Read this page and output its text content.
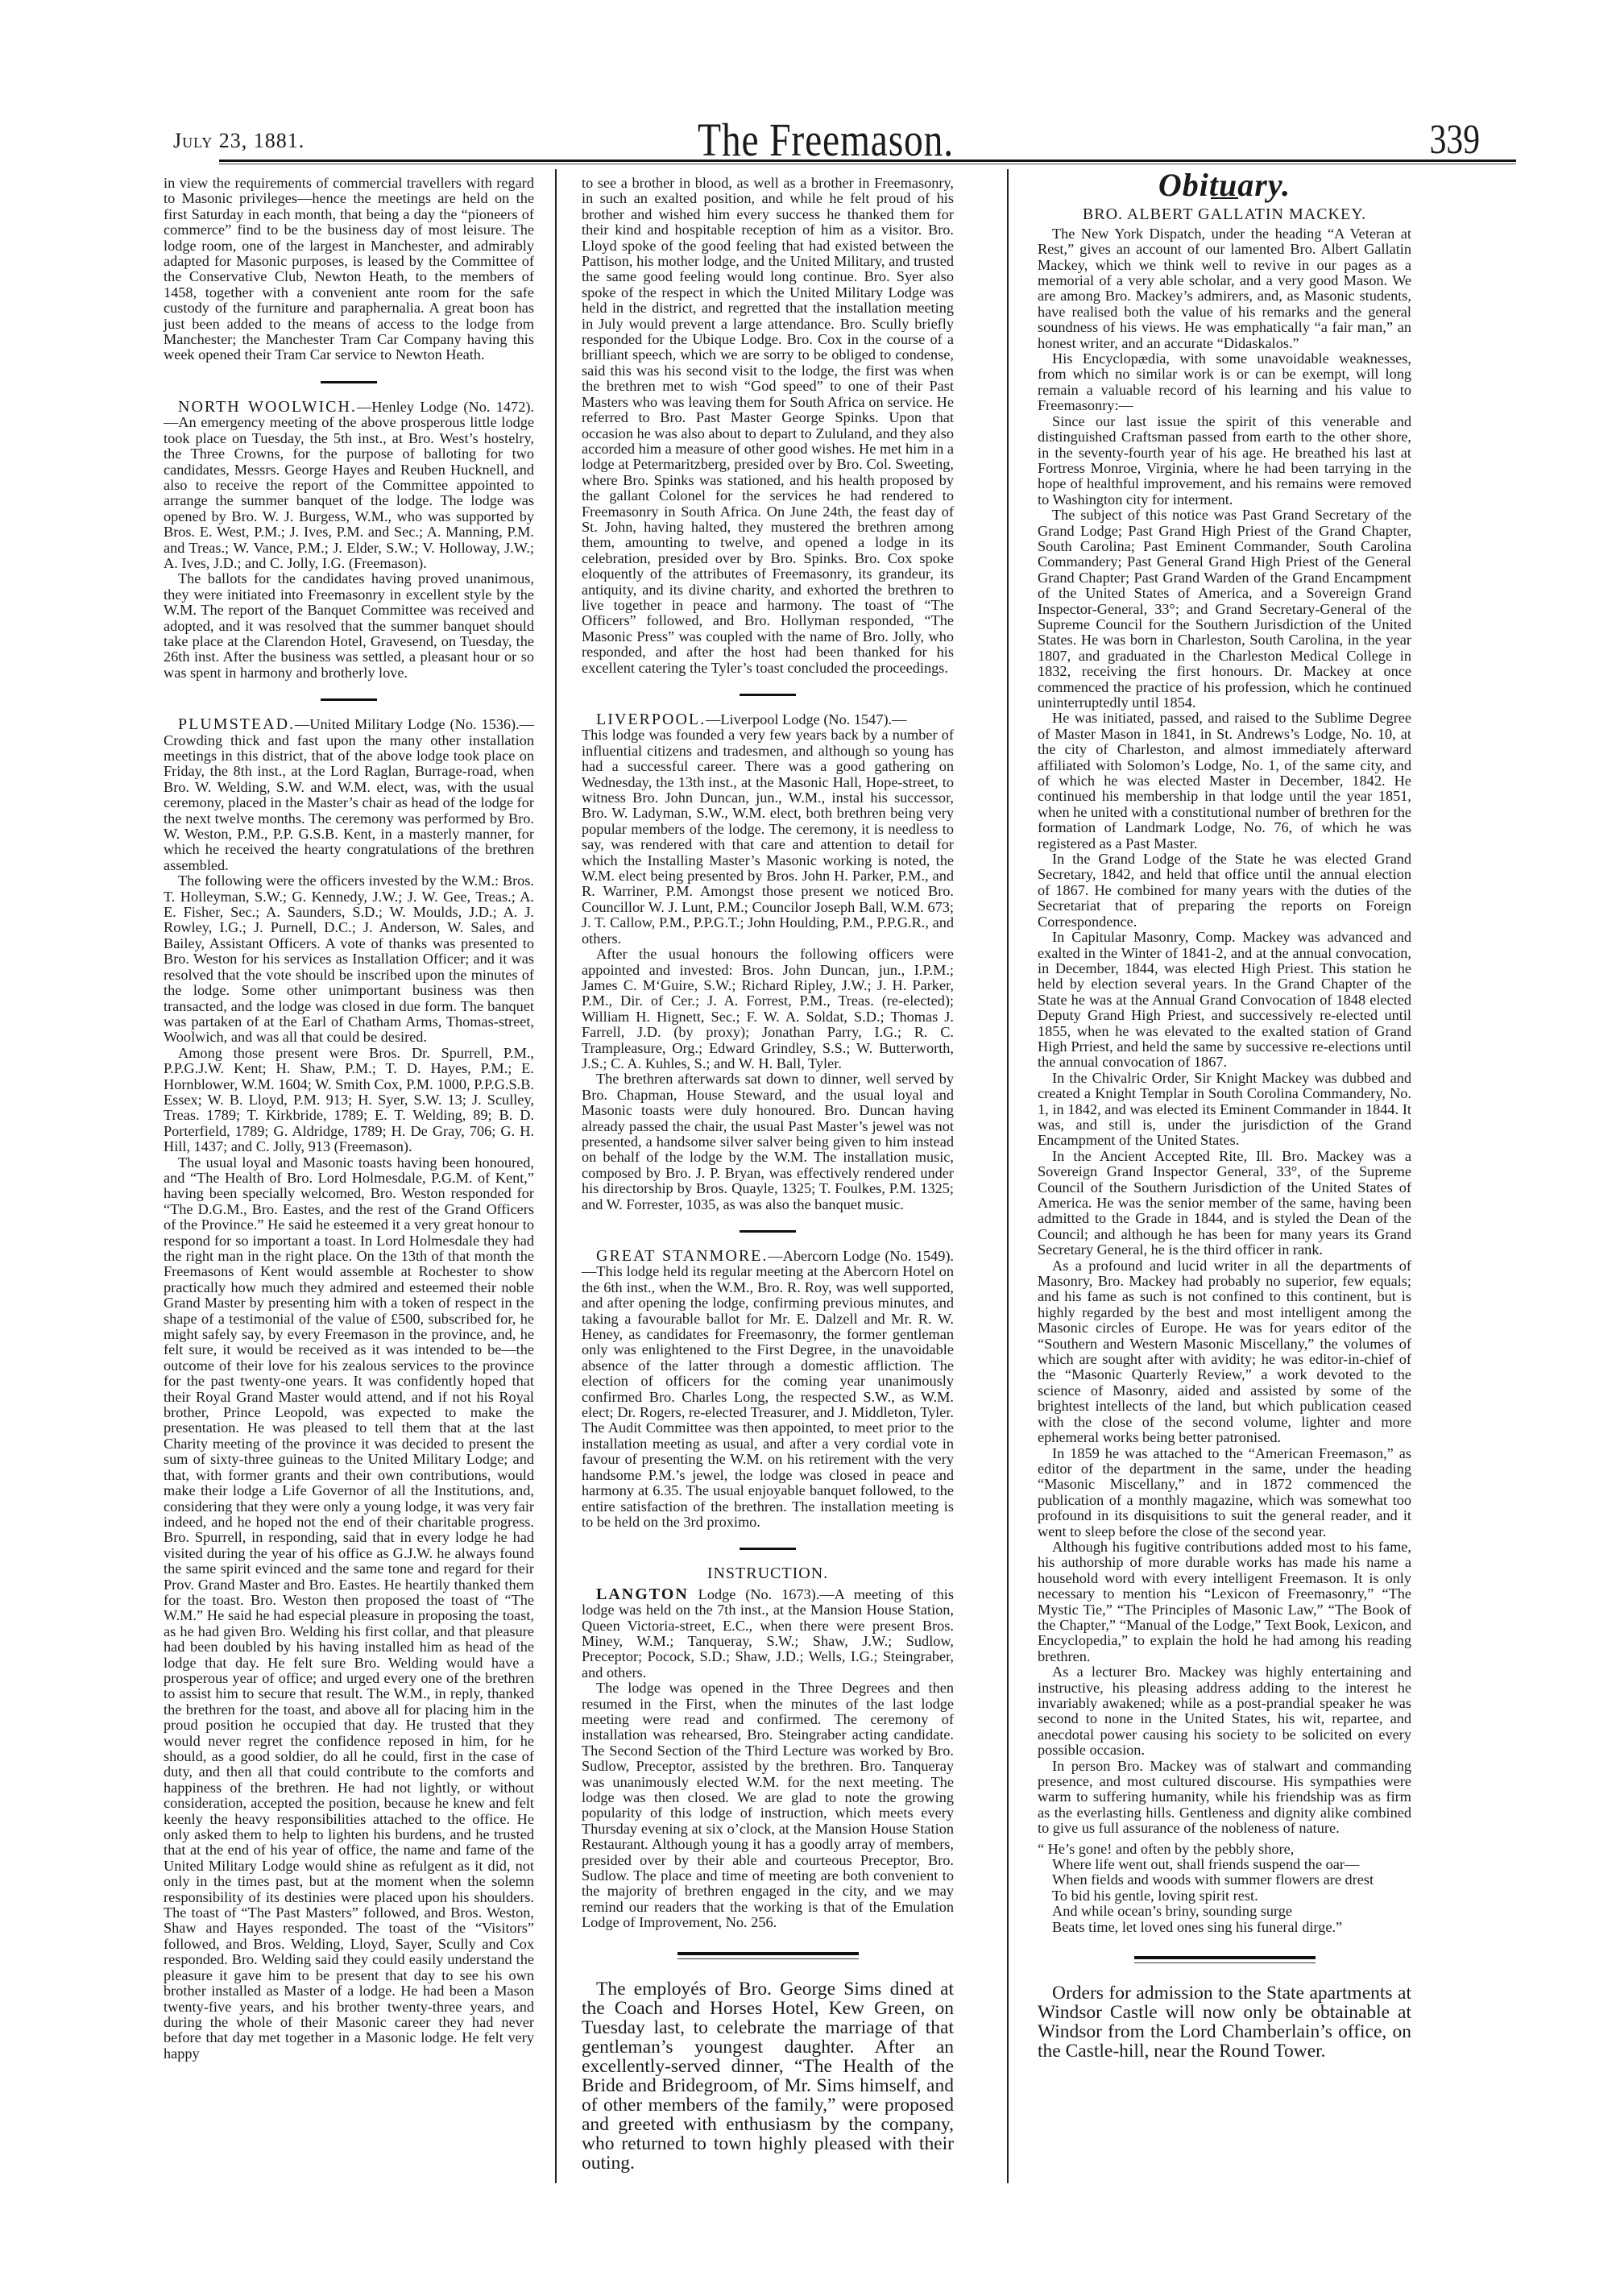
July 23, 1881.	The Freemason.	339

in view the requirements of commercial travellers with regard to Masonic privileges—hence the meetings are held on the first Saturday in each month, that being a day the “pioneers of commerce” find to be the business day of most leisure. The lodge room, one of the largest in Manchester, and admirably adapted for Masonic purposes, is leased by the Committee of the Conservative Club, Newton Heath, to the members of 1458, together with a convenient ante room for the safe custody of the furniture and paraphernalia. A great boon has just been added to the means of access to the lodge from Manchester; the Manchester Tram Car Company having this week opened their Tram Car service to Newton Heath.

NORTH WOOLWICH.—Henley Lodge (No. 1472).—An emergency meeting of the above prosperous little lodge took place on Tuesday, the 5th inst., at Bro. West’s hostelry, the Three Crowns, for the purpose of balloting for two candidates, Messrs. George Hayes and Reuben Hucknell, and also to receive the report of the Committee appointed to arrange the summer banquet of the lodge. The lodge was opened by Bro. W. J. Burgess, W.M., who was supported by Bros. E. West, P.M.; J. Ives, P.M. and Sec.; A. Manning, P.M. and Treas.; W. Vance, P.M.; J. Elder, S.W.; V. Holloway, J.W.; A. Ives, J.D.; and C. Jolly, I.G. (Freemason).

The ballots for the candidates having proved unanimous, they were initiated into Freemasonry in excellent style by the W.M. The report of the Banquet Committee was received and adopted, and it was resolved that the summer banquet should take place at the Clarendon Hotel, Gravesend, on Tuesday, the 26th inst. After the business was settled, a pleasant hour or so was spent in harmony and brotherly love.

PLUMSTEAD.—United Military Lodge (No. 1536).—Crowding thick and fast upon the many other installation meetings in this district, that of the above lodge took place on Friday, the 8th inst., at the Lord Raglan, Burrage-road, when Bro. W. Welding, S.W. and W.M. elect, was, with the usual ceremony, placed in the Master’s chair as head of the lodge for the next twelve months. The ceremony was performed by Bro. W. Weston, P.M., P.P. G.S.B. Kent, in a masterly manner, for which he received the hearty congratulations of the brethren assembled.

The following were the officers invested by the W.M.: Bros. T. Holleyman, S.W.; G. Kennedy, J.W.; J. W. Gee, Treas.; A. E. Fisher, Sec.; A. Saunders, S.D.; W. Moulds, J.D.; A. J. Rowley, I.G.; J. Purnell, D.C.; J. Anderson, W. Sales, and Bailey, Assistant Officers. A vote of thanks was presented to Bro. Weston for his services as Installation Officer; and it was resolved that the vote should be inscribed upon the minutes of the lodge. Some other unimportant business was then transacted, and the lodge was closed in due form. The banquet was partaken of at the Earl of Chatham Arms, Thomas-street, Woolwich, and was all that could be desired.

Among those present were Bros. Dr. Spurrell, P.M., P.P.G.J.W. Kent; H. Shaw, P.M.; T. D. Hayes, P.M.; E. Hornblower, W.M. 1604; W. Smith Cox, P.M. 1000, P.P.G.S.B. Essex; W. B. Lloyd, P.M. 913; H. Syer, S.W. 13; J. Sculley, Treas. 1789; T. Kirkbride, 1789; E. T. Welding, 89; B. D. Porterfield, 1789; G. Aldridge, 1789; H. De Gray, 706; G. H. Hill, 1437; and C. Jolly, 913 (Freemason).

The usual loyal and Masonic toasts having been honoured, and “The Health of Bro. Lord Holmesdale, P.G.M. of Kent,” having been specially welcomed, Bro. Weston responded for “The D.G.M., Bro. Eastes, and the rest of the Grand Officers of the Province.” He said he esteemed it a very great honour to respond for so important a toast. In Lord Holmesdale they had the right man in the right place. On the 13th of that month the Freemasons of Kent would assemble at Rochester to show practically how much they admired and esteemed their noble Grand Master by presenting him with a token of respect in the shape of a testimonial of the value of £500, subscribed for, he might safely say, by every Freemason in the province, and, he felt sure, it would be received as it was intended to be—the outcome of their love for his zealous services to the province for the past twenty-one years. It was confidently hoped that their Royal Grand Master would attend, and if not his Royal brother, Prince Leopold, was expected to make the presentation. He was pleased to tell them that at the last Charity meeting of the province it was decided to present the sum of sixty-three guineas to the United Military Lodge; and that, with former grants and their own contributions, would make their lodge a Life Governor of all the Institutions, and, considering that they were only a young lodge, it was very fair indeed, and he hoped not the end of their charitable progress. Bro. Spurrell, in responding, said that in every lodge he had visited during the year of his office as G.J.W. he always found the same spirit evinced and the same tone and regard for their Prov. Grand Master and Bro. Eastes. He heartily thanked them for the toast. Bro. Weston then proposed the toast of “The W.M.” He said he had especial pleasure in proposing the toast, as he had given Bro. Welding his first collar, and that pleasure had been doubled by his having installed him as head of the lodge that day. He felt sure Bro. Welding would have a prosperous year of office; and urged every one of the brethren to assist him to secure that result. The W.M., in reply, thanked the brethren for the toast, and above all for placing him in the proud position he occupied that day. He trusted that they would never regret the confidence reposed in him, for he should, as a good soldier, do all he could, first in the case of duty, and then all that could contribute to the comforts and happiness of the brethren. He had not lightly, or without consideration, accepted the position, because he knew and felt keenly the heavy responsibilities attached to the office. He only asked them to help to lighten his burdens, and he trusted that at the end of his year of office, the name and fame of the United Military Lodge would shine as refulgent as it did, not only in the times past, but at the moment when the solemn responsibility of its destinies were placed upon his shoulders. The toast of “The Past Masters” followed, and Bros. Weston, Shaw and Hayes responded. The toast of the “Visitors” followed, and Bros. Welding, Lloyd, Sayer, Scully and Cox responded. Bro. Welding said they could easily understand the pleasure it gave him to be present that day to see his own brother installed as Master of a lodge. He had been a Mason twenty-five years, and his brother twenty-three years, and during the whole of their Masonic career they had never before that day met together in a Masonic lodge. He felt very happy

to see a brother in blood, as well as a brother in Freemasonry, in such an exalted position, and while he felt proud of his brother and wished him every success he thanked them for their kind and hospitable reception of him as a visitor. Bro. Lloyd spoke of the good feeling that had existed between the Pattison, his mother lodge, and the United Military, and trusted the same good feeling would long continue. Bro. Syer also spoke of the respect in which the United Military Lodge was held in the district, and regretted that the installation meeting in July would prevent a large attendance. Bro. Scully briefly responded for the Ubique Lodge. Bro. Cox in the course of a brilliant speech, which we are sorry to be obliged to condense, said this was his second visit to the lodge, the first was when the brethren met to wish “God speed” to one of their Past Masters who was leaving them for South Africa on service. He referred to Bro. Past Master George Spinks. Upon that occasion he was also about to depart to Zululand, and they also accorded him a measure of other good wishes. He met him in a lodge at Petermaritzberg, presided over by Bro. Col. Sweeting, where Bro. Spinks was stationed, and his health proposed by the gallant Colonel for the services he had rendered to Freemasonry in South Africa. On June 24th, the feast day of St. John, having halted, they mustered the brethren among them, amounting to twelve, and opened a lodge in its celebration, presided over by Bro. Spinks. Bro. Cox spoke eloquently of the attributes of Freemasonry, its grandeur, its antiquity, and its divine charity, and exhorted the brethren to live together in peace and harmony. The toast of “The Officers” followed, and Bro. Hollyman responded, “The Masonic Press” was coupled with the name of Bro. Jolly, who responded, and after the host had been thanked for his excellent catering the Tyler’s toast concluded the proceedings.

LIVERPOOL.—Liverpool Lodge (No. 1547).—

This lodge was founded a very few years back by a number of influential citizens and tradesmen, and although so young has had a successful career. There was a good gathering on Wednesday, the 13th inst., at the Masonic Hall, Hope-street, to witness Bro. John Duncan, jun., W.M., instal his successor, Bro. W. Ladyman, S.W., W.M. elect, both brethren being very popular members of the lodge. The ceremony, it is needless to say, was rendered with that care and attention to detail for which the Installing Master’s Masonic working is noted, the W.M. elect being presented by Bros. John H. Parker, P.M., and R. Warriner, P.M. Amongst those present we noticed Bro. Councillor W. J. Lunt, P.M.; Councilor Joseph Ball, W.M. 673; J. T. Callow, P.M., P.P.G.T.; John Houlding, P.M., P.P.G.R., and others.

After the usual honours the following officers were appointed and invested: Bros. John Duncan, jun., I.P.M.; James C. M‘Guire, S.W.; Richard Ripley, J.W.; J. H. Parker, P.M., Dir. of Cer.; J. A. Forrest, P.M., Treas. (re-elected); William H. Hignett, Sec.; F. W. A. Soldat, S.D.; Thomas J. Farrell, J.D. (by proxy); Jonathan Parry, I.G.; R. C. Trampleasure, Org.; Edward Grindley, S.S.; W. Butterworth, J.S.; C. A. Kuhles, S.; and W. H. Ball, Tyler.

The brethren afterwards sat down to dinner, well served by Bro. Chapman, House Steward, and the usual loyal and Masonic toasts were duly honoured. Bro. Duncan having already passed the chair, the usual Past Master’s jewel was not presented, a handsome silver salver being given to him instead on behalf of the lodge by the W.M. The installation music, composed by Bro. J. P. Bryan, was effectively rendered under his directorship by Bros. Quayle, 1325; T. Foulkes, P.M. 1325; and W. Forrester, 1035, as was also the banquet music.

GREAT STANMORE.—Abercorn Lodge (No. 1549).—This lodge held its regular meeting at the Abercorn Hotel on the 6th inst., when the W.M., Bro. R. Roy, was well supported, and after opening the lodge, confirming previous minutes, and taking a favourable ballot for Mr. E. Dalzell and Mr. R. W. Heney, as candidates for Freemasonry, the former gentleman only was enlightened to the First Degree, in the unavoidable absence of the latter through a domestic affliction. The election of officers for the coming year unanimously confirmed Bro. Charles Long, the respected S.W., as W.M. elect; Dr. Rogers, re-elected Treasurer, and J. Middleton, Tyler. The Audit Committee was then appointed, to meet prior to the installation meeting as usual, and after a very cordial vote in favour of presenting the W.M. on his retirement with the very handsome P.M.’s jewel, the lodge was closed in peace and harmony at 6.35. The usual enjoyable banquet followed, to the entire satisfaction of the brethren. The installation meeting is to be held on the 3rd proximo.

INSTRUCTION.

LANGTON Lodge (No. 1673).—A meeting of this lodge was held on the 7th inst., at the Mansion House Station, Queen Victoria-street, E.C., when there were present Bros. Miney, W.M.; Tanqueray, S.W.; Shaw, J.W.; Sudlow, Preceptor; Pocock, S.D.; Shaw, J.D.; Wells, I.G.; Steingraber, and others.

The lodge was opened in the Three Degrees and then resumed in the First, when the minutes of the last lodge meeting were read and confirmed. The ceremony of installation was rehearsed, Bro. Steingraber acting candidate. The Second Section of the Third Lecture was worked by Bro. Sudlow, Preceptor, assisted by the brethren. Bro. Tanqueray was unanimously elected W.M. for the next meeting. The lodge was then closed. We are glad to note the growing popularity of this lodge of instruction, which meets every Thursday evening at six o’clock, at the Mansion House Station Restaurant. Although young it has a goodly array of members, presided over by their able and courteous Preceptor, Bro. Sudlow. The place and time of meeting are both convenient to the majority of brethren engaged in the city, and we may remind our readers that the working is that of the Emulation Lodge of Improvement, No. 256.

The employés of Bro. George Sims dined at the Coach and Horses Hotel, Kew Green, on Tuesday last, to celebrate the marriage of that gentleman’s youngest daughter. After an excellently-served dinner, “The Health of the Bride and Bridegroom, of Mr. Sims himself, and of other members of the family,” were proposed and greeted with enthusiasm by the company, who returned to town highly pleased with their outing.

Obituary.
BRO. ALBERT GALLATIN MACKEY.

The New York Dispatch, under the heading “A Veteran at Rest,” gives an account of our lamented Bro. Albert Gallatin Mackey, which we think well to revive in our pages as a memorial of a very able scholar, and a very good Mason. We are among Bro. Mackey’s admirers, and, as Masonic students, have realised both the value of his remarks and the general soundness of his views. He was emphatically “a fair man,” an honest writer, and an accurate “Didaskalos.”

His Encyclopædia, with some unavoidable weaknesses, from which no similar work is or can be exempt, will long remain a valuable record of his learning and his value to Freemasonry:—

Since our last issue the spirit of this venerable and distinguished Craftsman passed from earth to the other shore, in the seventy-fourth year of his age. He breathed his last at Fortress Monroe, Virginia, where he had been tarrying in the hope of healthful improvement, and his remains were removed to Washington city for interment.

The subject of this notice was Past Grand Secretary of the Grand Lodge; Past Grand High Priest of the Grand Chapter, South Carolina; Past Eminent Commander, South Carolina Commandery; Past General Grand High Priest of the General Grand Chapter; Past Grand Warden of the Grand Encampment of the United States of America, and a Sovereign Grand Inspector-General, 33°; and Grand Secretary-General of the Supreme Council for the Southern Jurisdiction of the United States. He was born in Charleston, South Carolina, in the year 1807, and graduated in the Charleston Medical College in 1832, receiving the first honours. Dr. Mackey at once commenced the practice of his profession, which he continued uninterruptedly until 1854.

He was initiated, passed, and raised to the Sublime Degree of Master Mason in 1841, in St. Andrews’s Lodge, No. 10, at the city of Charleston, and almost immediately afterward affiliated with Solomon’s Lodge, No. 1, of the same city, and of which he was elected Master in December, 1842. He continued his membership in that lodge until the year 1851, when he united with a constitutional number of brethren for the formation of Landmark Lodge, No. 76, of which he was registered as a Past Master.

In the Grand Lodge of the State he was elected Grand Secretary, 1842, and held that office until the annual election of 1867. He combined for many years with the duties of the Secretariat that of preparing the reports on Foreign Correspondence.

In Capitular Masonry, Comp. Mackey was advanced and exalted in the Winter of 1841-2, and at the annual convocation, in December, 1844, was elected High Priest. This station he held by election several years. In the Grand Chapter of the State he was at the Annual Grand Convocation of 1848 elected Deputy Grand High Priest, and successively re-elected until 1855, when he was elevated to the exalted station of Grand High Prriest, and held the same by successive re-elections until the annual convocation of 1867.

In the Chivalric Order, Sir Knight Mackey was dubbed and created a Knight Templar in South Corolina Commandery, No. 1, in 1842, and was elected its Eminent Commander in 1844. It was, and still is, under the jurisdiction of the Grand Encampment of the United States.

In the Ancient Accepted Rite, Ill. Bro. Mackey was a Sovereign Grand Inspector General, 33°, of the Supreme Council of the Southern Jurisdiction of the United States of America. He was the senior member of the same, having been admitted to the Grade in 1844, and is styled the Dean of the Council; and although he has been for many years its Grand Secretary General, he is the third officer in rank.

As a profound and lucid writer in all the departments of Masonry, Bro. Mackey had probably no superior, few equals; and his fame as such is not confined to this continent, but is highly regarded by the best and most intelligent among the Masonic circles of Europe. He was for years editor of the “Southern and Western Masonic Miscellany,” the volumes of which are sought after with avidity; he was editor-in-chief of the “Masonic Quarterly Review,” a work devoted to the science of Masonry, aided and assisted by some of the brightest intellects of the land, but which publication ceased with the close of the second volume, lighter and more ephemeral works being better patronised.

In 1859 he was attached to the “American Freemason,” as editor of the department in the same, under the heading “Masonic Miscellany,” and in 1872 commenced the publication of a monthly magazine, which was somewhat too profound in its disquisitions to suit the general reader, and it went to sleep before the close of the second year.

Although his fugitive contributions added most to his fame, his authorship of more durable works has made his name a household word with every intelligent Freemason. It is only necessary to mention his “Lexicon of Freemasonry,” “The Mystic Tie,” “The Principles of Masonic Law,” “The Book of the Chapter,” “Manual of the Lodge,” Text Book, Lexicon, and Encyclopedia,” to explain the hold he had among his reading brethren.

As a lecturer Bro. Mackey was highly entertaining and instructive, his pleasing address adding to the interest he invariably awakened; while as a post-prandial speaker he was second to none in the United States, his wit, repartee, and anecdotal power causing his society to be solicited on every possible occasion.

In person Bro. Mackey was of stalwart and commanding presence, and most cultured discourse. His sympathies were warm to suffering humanity, while his friendship was as firm as the everlasting hills. Gentleness and dignity alike combined to give us full assurance of the nobleness of nature.

“ He’s gone! and often by the pebbly shore,
Where life went out, shall friends suspend the oar—
When fields and woods with summer flowers are drest
To bid his gentle, loving spirit rest.
And while ocean’s briny, sounding surge
Beats time, let loved ones sing his funeral dirge.”

Orders for admission to the State apartments at Windsor Castle will now only be obtainable at Windsor from the Lord Chamberlain’s office, on the Castle-hill, near the Round Tower.
